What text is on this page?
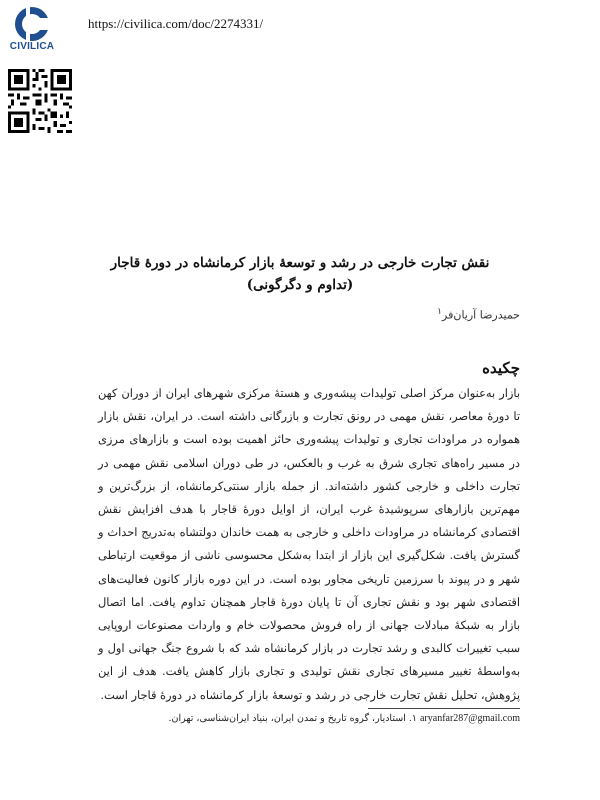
CIVILICA
https://civilica.com/doc/2274331/
نقش تجارت خارجی در رشد و توسعهٔ بازار کرمانشاه در دورهٔ قاجار
(تداوم و دگرگونی)
حمیدرضا آریان‌فر$^۱$
چکیده

بازار به‌عنوان مرکز اصلی تولیدات پیشه‌وری و هستهٔ مرکزی شهرهای ایران از دوران کهن تا دورهٔ معاصر، نقش مهمی در رونق تجارت و بازرگانی داشته است. در ایران، نقش بازار همواره در مراودات تجاری و تولیدات پیشه‌وری حائز اهمیت بوده است و بازارهای مرزی در مسیر راه‌های تجاری شرق به غرب و بالعکس، در طی دوران اسلامی نقش مهمی در تجارت داخلی و خارجی کشور داشته‌اند. از جمله بازار سنتی‌کرمانشاه، از بزرگ‌ترین و مهم‌ترین بازارهای سرپوشیدهٔ غرب ایران، از اوایل دورهٔ قاجار با هدف افزایش نقش اقتصادی کرمانشاه در مراودات داخلی و خارجی به همت خاندان دولتشاه به‌تدریج احداث و گسترش یافت. شکل‌گیری این بازار از ابتدا به‌شکل محسوسی ناشی از موقعیت ارتباطی شهر و در پیوند با سرزمین تاریخی مجاور بوده است. در این دوره بازار کانون فعالیت‌های اقتصادی شهر بود و نقش تجاری آن تا پایان دورهٔ قاجار همچنان تداوم یافت. اما اتصال بازار به شبکهٔ مبادلات جهانی از راه فروش محصولات خام و واردات مصنوعات اروپایی سبب تغییرات کالبدی و رشد تجارت در بازار کرمانشاه شد که با شروع جنگ جهانی اول و به‌واسطهٔ تغییر مسیرهای تجاری نقش تولیدی و تجاری بازار کاهش یافت. هدف از این پژوهش، تحلیل نقش تجارت خارجی در رشد و توسعهٔ بازار کرمانشاه در دورهٔ قاجار است.

۱. استادیار، گروه تاریخ و تمدن ایران، بنیاد ایران‌شناسی، تهران. aryanfar287@gmail.com
